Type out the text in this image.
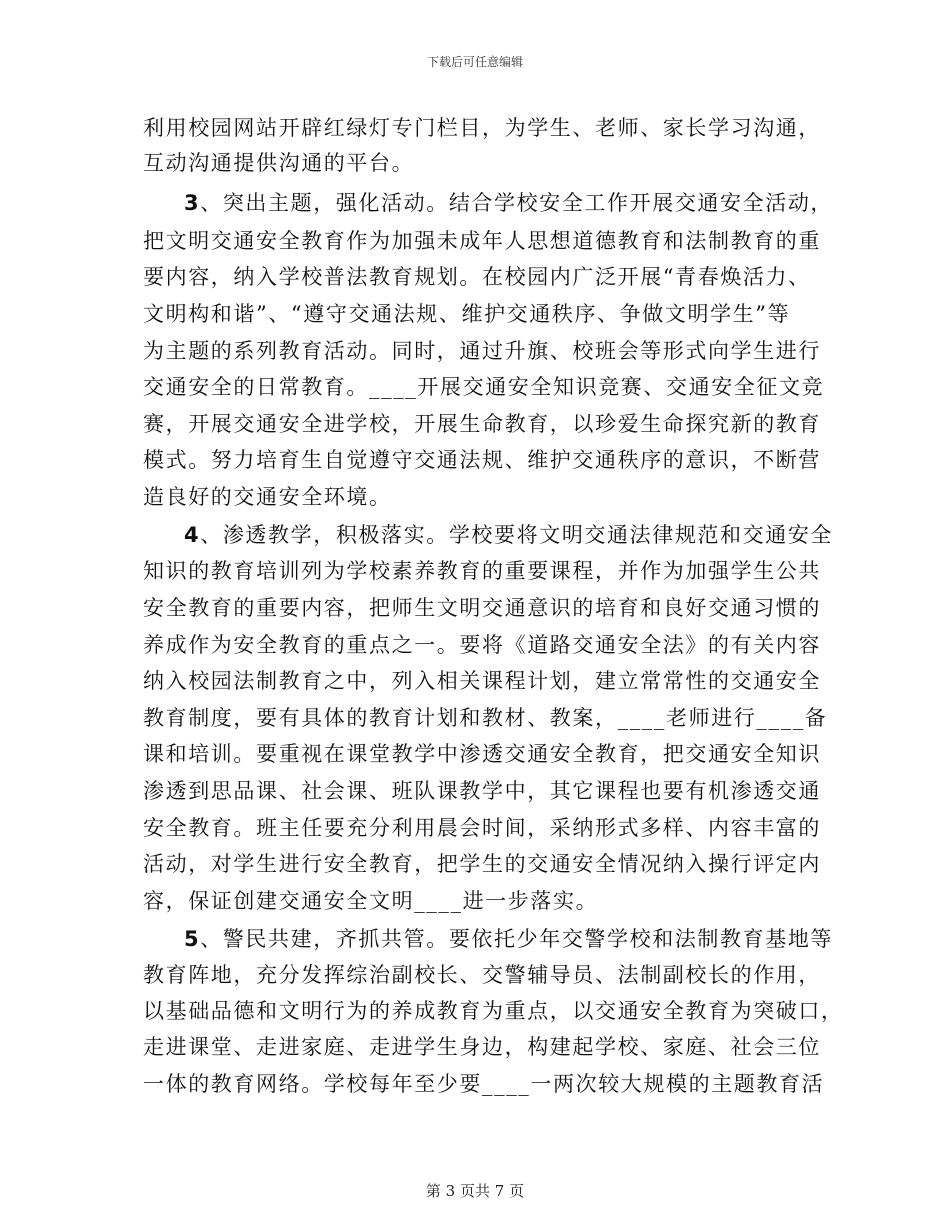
下载后可任意编辑
利用校园网站开辟红绿灯专门栏目，为学生、老师、家长学习沟通，
互动沟通提供沟通的平台。
3、突出主题，强化活动。结合学校安全工作开展交通安全活动，
把文明交通安全教育作为加强未成年人思想道德教育和法制教育的重
要内容，纳入学校普法教育规划。在校园内广泛开展“青春焕活力、
文明构和谐”、“遵守交通法规、维护交通秩序、争做文明学生”等
为主题的系列教育活动。同时，通过升旗、校班会等形式向学生进行
交通安全的日常教育。____开展交通安全知识竞赛、交通安全征文竞
赛，开展交通安全进学校，开展生命教育，以珍爱生命探究新的教育
模式。努力培育生自觉遵守交通法规、维护交通秩序的意识，不断营
造良好的交通安全环境。
4、渗透教学，积极落实。学校要将文明交通法律规范和交通安全
知识的教育培训列为学校素养教育的重要课程，并作为加强学生公共
安全教育的重要内容，把师生文明交通意识的培育和良好交通习惯的
养成作为安全教育的重点之一。要将《道路交通安全法》的有关内容
纳入校园法制教育之中，列入相关课程计划，建立常常性的交通安全
教育制度，要有具体的教育计划和教材、教案，____老师进行____备
课和培训。要重视在课堂教学中渗透交通安全教育，把交通安全知识
渗透到思品课、社会课、班队课教学中，其它课程也要有机渗透交通
安全教育。班主任要充分利用晨会时间，采纳形式多样、内容丰富的
活动，对学生进行安全教育，把学生的交通安全情况纳入操行评定内
容，保证创建交通安全文明____进一步落实。
5、警民共建，齐抓共管。要依托少年交警学校和法制教育基地等
教育阵地，充分发挥综治副校长、交警辅导员、法制副校长的作用，
以基础品德和文明行为的养成教育为重点，以交通安全教育为突破口，
走进课堂、走进家庭、走进学生身边，构建起学校、家庭、社会三位
一体的教育网络。学校每年至少要____一两次较大规模的主题教育活
第 3 页共 7 页
